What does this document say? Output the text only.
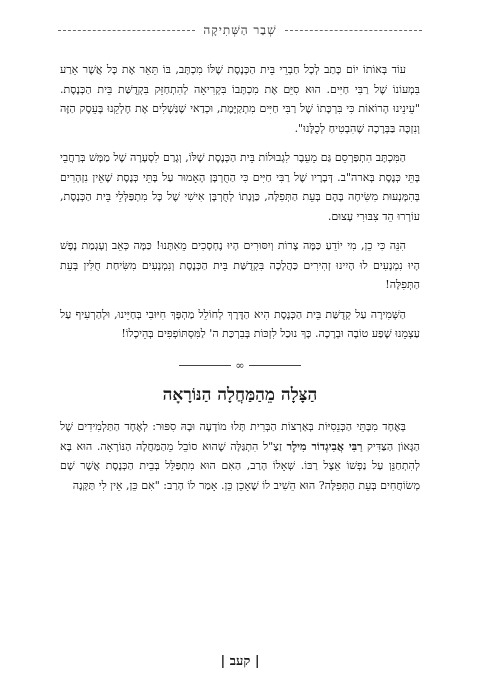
שְׁבַר הַשְּׁתִיקָה

עוֹד בְּאוֹתוֹ יוֹם כָּתַב לְכָל חַבְרֵי בֵּית הַכְּנֶסֶת שֶׁלּוֹ מִכְתָּב, בּוֹ תֵּאֵר אֶת כָּל אֲשֶׁר אֵרַע בִּמְעוֹנוֹ שֶׁל רַבִּי חַיִּים. הוּא סִיֵּם אֶת מִכְתָּבוֹ בִּקְרִיאָה לְהִתְחַזֵּק בִּקְדֻשַּׁת בֵּית הַכְּנֶסֶת. "עֵינֵינוּ הָרוֹאוֹת כִּי בִּרְכָּתוֹ שֶׁל רַבִּי חַיִּים מִתְקַיֶּמֶת, וּכְדַאי שֶׁנַּשְׁלִים אֶת חֶלְקֵנוּ בָּעֵסֶק הַזֶּה וְנִזְכֶּה בַּבְּרָכָה שֶׁהִבְטִיחַ לְכֻלָּנוּ".

הַמִּכְתָּב הִתְפַּרְסֵם גַּם מֵעֵבֶר לִגְבוּלוֹת בֵּית הַכְּנֶסֶת שֶׁלּוֹ, וְגָרַם לִסְעָרָה שֶׁל מַמָּשׁ בְּרַחֲבֵי בָּתֵּי כְּנֶסֶת בְּארה"ב. דְּבָרָיו שֶׁל רַבִּי חַיִּים כִּי הַחֻרְבָּן הָאָמוּר עַל בָּתֵּי כְּנֶסֶת שֶׁאֵין נִזְהָרִים בְּהִמָּנְעוּת מִשִּׂיחָה בָּהֶם בְּעֵת הַתְּפִלָּה, כַּוָּנָתוֹ לְחֻרְבָּן אִישִׁי שֶׁל כָּל מִתְפַּלְּלֵי בֵּית הַכְּנֶסֶת, עוֹרְרוּ הֵד צִבּוּרִי עָצוּם.

הִנֵּה כִּי כֵן, מִי יוֹדֵעַ כַּמָּה צָרוֹת וְיִסּוּרִים הָיוּ נֶחְסָכִים מֵאִתָּנוּ! כַּמָּה כְּאֵב וְעָגְמַת נֶפֶשׁ הָיוּ נִמְנָעִים לוּ הָיִינוּ זְהִירִים כַּהֲלָכָה בִּקְדֻשַּׁת בֵּית הַכְּנֶסֶת וְנִמְנָעִים מִשִּׂיחַת חֻלִּין בְּעֵת הַתְּפִלָּה!

הַשְּׁמִירָה עַל קְדֻשַּׁת בֵּית הַכְּנֶסֶת הִיא הַדֶּרֶךְ לְחוֹלֵל מַהְפָּךְ חִיּוּבִי בְּחַיֵּינוּ, וּלְהַרְעִיף עַל עַצְמֵנוּ שֶׁפַע טוֹבָה וּבְרָכָה. כָּךְ נוּכַל לִזְכּוֹת בְּבִרְכַּת ה' לַמִּסְתּוֹפְפִים בְּהֵיכָלוֹ!

∞
הַצָּלָה מֵהַמַּחֲלָה הַנּוֹרָאָה

בְּאֶחָד מִבָּתֵּי הַכְּנֵסִיּוֹת בְּאַרְצוֹת הַבְּרִית תָּלוּ מוֹדָעָה וּבָהּ סִפּוּר: לְאֶחָד הַתַּלְמִידִים שֶׁל הַגָּאוֹן הַצַּדִּיק רַבִּי אֲבִיגְדוֹר מִילֶר זַצַ"ל הִתְגַּלָּה שֶׁהוּא סוֹבֵל מֵהַמַּחֲלָה הַנּוֹרָאָה. הוּא בָּא לְהִתְחַנֵּן עַל נַפְשׁוֹ אֵצֶל רַבּוֹ. שְׁאָלוֹ הָרַב, הַאִם הוּא מִתְפַּלֵּל בְּבֵית הַכְּנֶסֶת אֲשֶׁר שָׁם מְשׂוֹחֲחִים בְּעֵת הַתְּפִלָּה? הוּא הֵשִׁיב לוֹ שֶׁאָכֵן כֵּן. אָמַר לוֹ הָרַב: "אִם כֵּן, אֵין לִי תַּקָּנָה

| קעב |
